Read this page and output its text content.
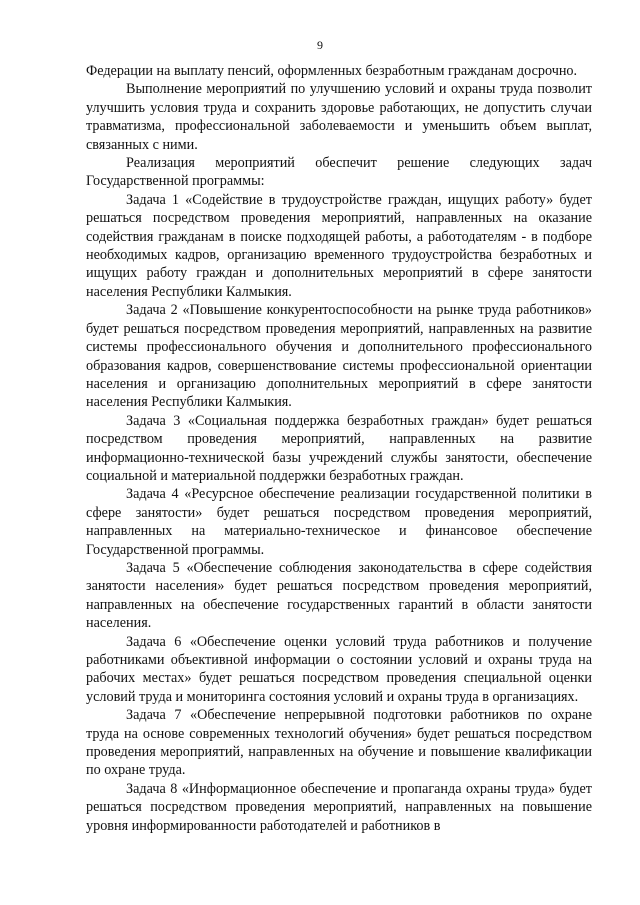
9

Федерации на выплату пенсий, оформленных безработным гражданам досрочно.

Выполнение мероприятий по улучшению условий и охраны труда позволит улучшить условия труда и сохранить здоровье работающих, не допустить случаи травматизма, профессиональной заболеваемости и уменьшить объем выплат, связанных с ними.

Реализация мероприятий обеспечит решение следующих задач Государственной программы:

Задача 1 «Содействие в трудоустройстве граждан, ищущих работу» будет решаться посредством проведения мероприятий, направленных на оказание содействия гражданам в поиске подходящей работы, а работодателям - в подборе необходимых кадров, организацию временного трудоустройства безработных и ищущих работу граждан и дополнительных мероприятий в сфере занятости населения Республики Калмыкия.

Задача 2 «Повышение конкурентоспособности на рынке труда работников» будет решаться посредством проведения мероприятий, направленных на развитие системы профессионального обучения и дополнительного профессионального образования кадров, совершенствование системы профессиональной ориентации населения и организацию дополнительных мероприятий в сфере занятости населения Республики Калмыкия.

Задача 3 «Социальная поддержка безработных граждан» будет решаться посредством проведения мероприятий, направленных на развитие информационно-технической базы учреждений службы занятости, обеспечение социальной и материальной поддержки безработных граждан.

Задача 4 «Ресурсное обеспечение реализации государственной политики в сфере занятости» будет решаться посредством проведения мероприятий, направленных на материально-техническое и финансовое обеспечение Государственной программы.

Задача 5 «Обеспечение соблюдения законодательства в сфере содействия занятости населения» будет решаться посредством проведения мероприятий, направленных на обеспечение государственных гарантий в области занятости населения.

Задача 6 «Обеспечение оценки условий труда работников и получение работниками объективной информации о состоянии условий и охраны труда на рабочих местах» будет решаться посредством проведения специальной оценки условий труда и мониторинга состояния условий и охраны труда в организациях.

Задача 7 «Обеспечение непрерывной подготовки работников по охране труда на основе современных технологий обучения» будет решаться посредством проведения мероприятий, направленных на обучение и повышение квалификации по охране труда.

Задача 8 «Информационное обеспечение и пропаганда охраны труда» будет решаться посредством проведения мероприятий, направленных на повышение уровня информированности работодателей и работников в
